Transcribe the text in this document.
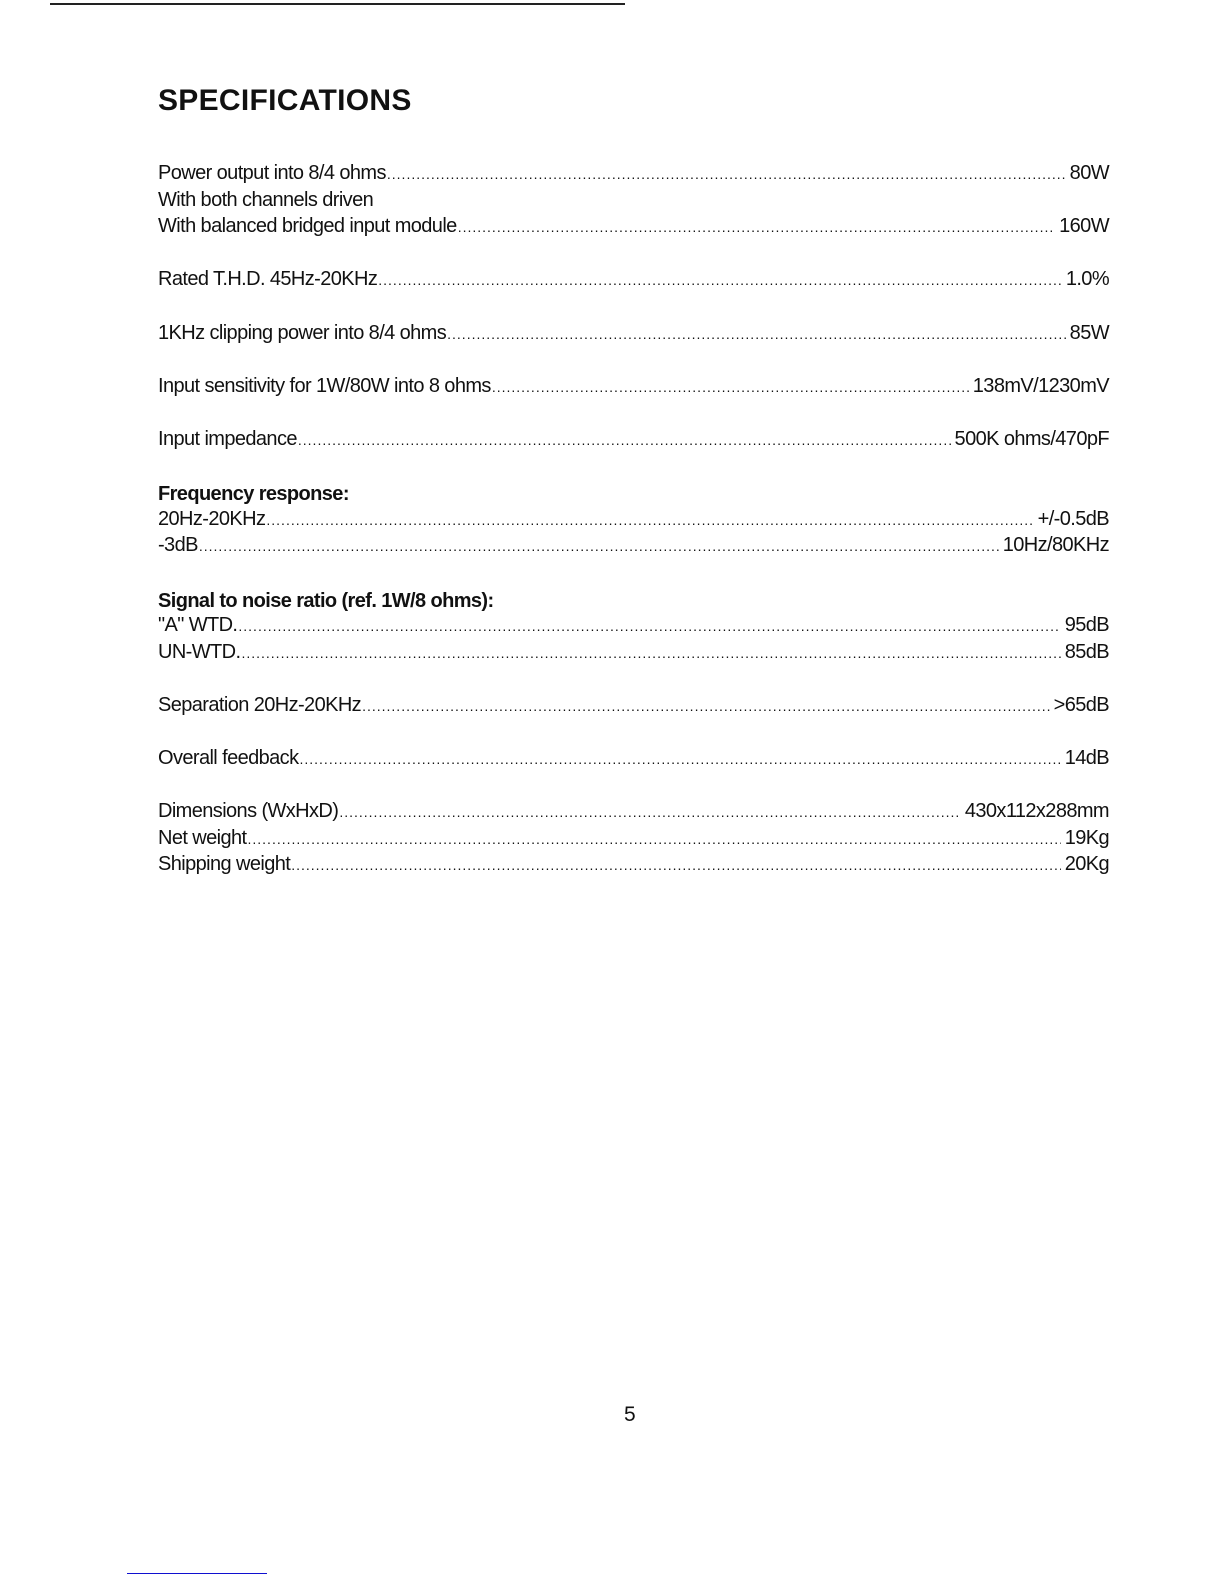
SPECIFICATIONS
Power output into 8/4 ohms .....	80W
With both channels driven
With balanced bridged input module .....	160W
Rated T.H.D. 45Hz-20KHz .....	1.0%
1KHz clipping power into 8/4 ohms .....	85W
Input sensitivity for 1W/80W into 8 ohms .....	138mV/1230mV
Input impedance .....	500K ohms/470pF
Frequency response:
20Hz-20KHz .....	+/-0.5dB
-3dB .....	10Hz/80KHz
Signal to noise ratio (ref. 1W/8 ohms):
"A" WTD. .....	95dB
UN-WTD. .....	85dB
Separation 20Hz-20KHz .....	>65dB
Overall feedback .....	14dB
Dimensions (WxHxD) .....	430x112x288mm
Net weight .....	19Kg
Shipping weight .....	20Kg
5
